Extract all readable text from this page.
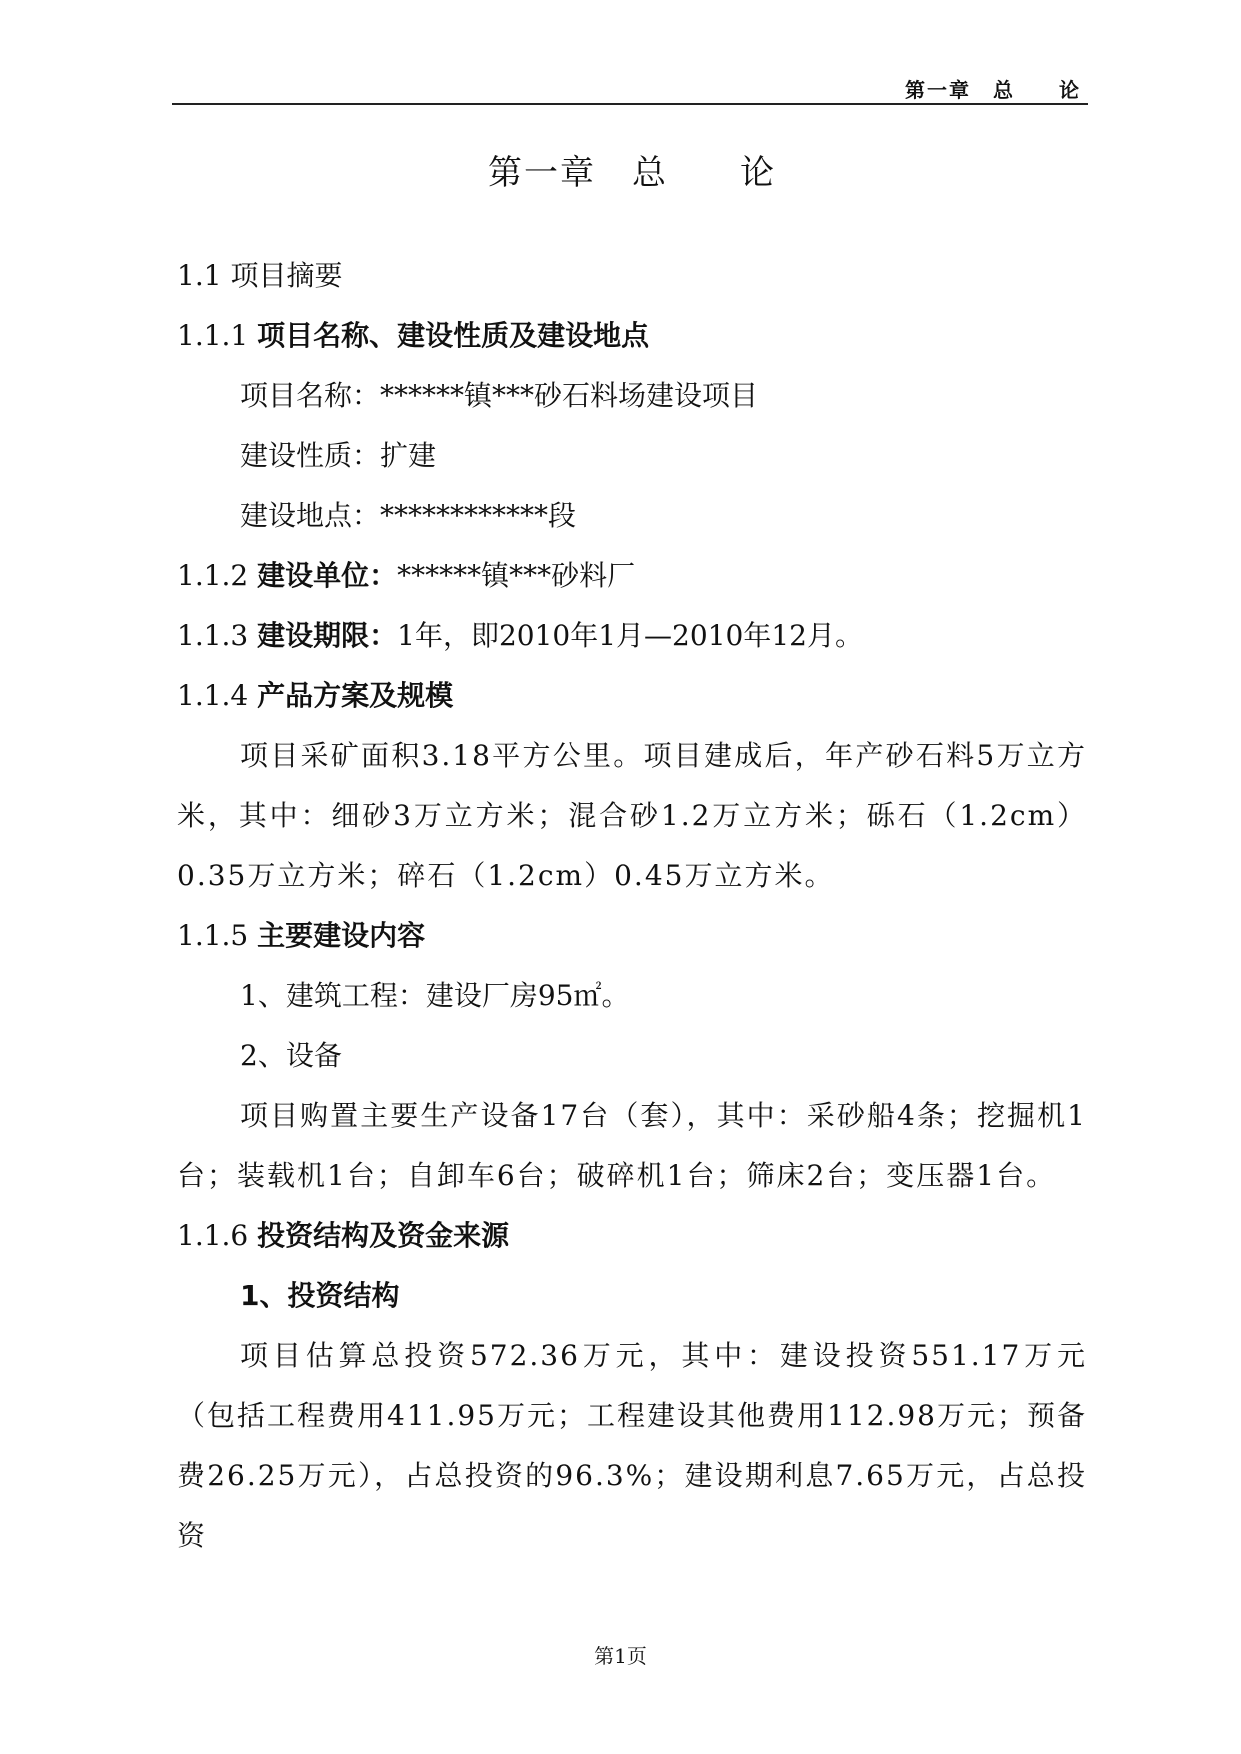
第一章　总　　论
第一章　总　　论

1.1 项目摘要

1.1.1 项目名称、建设性质及建设地点

项目名称：******镇***砂石料场建设项目

建设性质：扩建

建设地点：************段

1.1.2 建设单位：******镇***砂料厂

1.1.3 建设期限：1年，即2010年1月—2010年12月。

1.1.4 产品方案及规模

项目采矿面积3.18平方公里。项目建成后，年产砂石料5万立方米，其中：细砂3万立方米；混合砂1.2万立方米；砾石（1.2cm）0.35万立方米；碎石（1.2cm）0.45万立方米。

1.1.5 主要建设内容

1、建筑工程：建设厂房95㎡。

2、设备

项目购置主要生产设备17台（套），其中：采砂船4条；挖掘机1台；装载机1台；自卸车6台；破碎机1台；筛床2台；变压器1台。

1.1.6 投资结构及资金来源

1、投资结构

项目估算总投资572.36万元，其中：建设投资551.17万元（包括工程费用411.95万元；工程建设其他费用112.98万元；预备费26.25万元），占总投资的96.3%；建设期利息7.65万元，占总投资

第1页
